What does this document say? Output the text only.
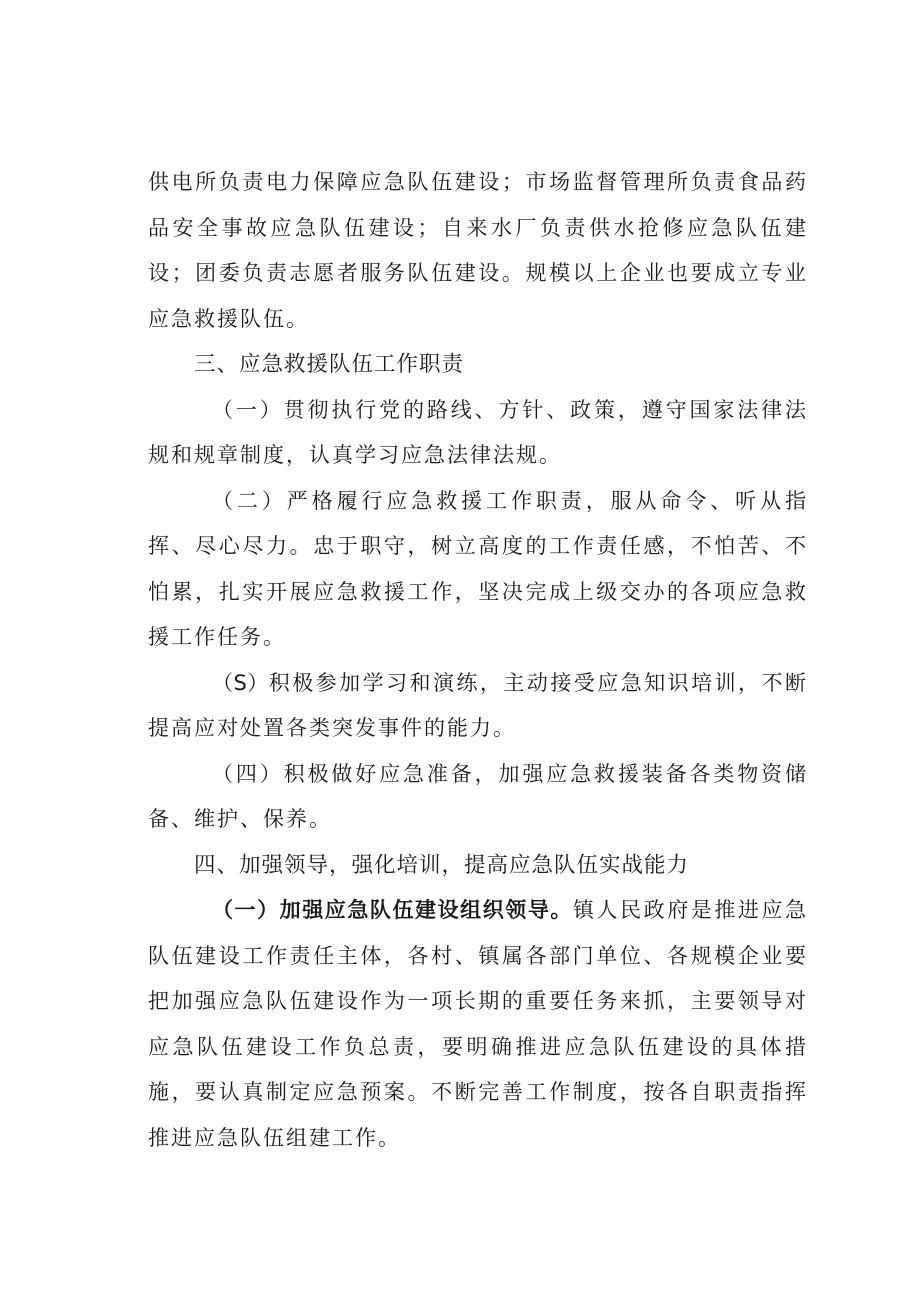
供电所负责电力保障应急队伍建设；市场监督管理所负责食品药品安全事故应急队伍建设；自来水厂负责供水抢修应急队伍建设；团委负责志愿者服务队伍建设。规模以上企业也要成立专业应急救援队伍。

三、应急救援队伍工作职责

（一）贯彻执行党的路线、方针、政策，遵守国家法律法规和规章制度，认真学习应急法律法规。

（二）严格履行应急救援工作职责，服从命令、听从指挥、尽心尽力。忠于职守，树立高度的工作责任感，不怕苦、不怕累，扎实开展应急救援工作，坚决完成上级交办的各项应急救援工作任务。

（S）积极参加学习和演练，主动接受应急知识培训，不断提高应对处置各类突发事件的能力。

（四）积极做好应急准备，加强应急救援装备各类物资储备、维护、保养。

四、加强领导，强化培训，提高应急队伍实战能力

（一）加强应急队伍建设组织领导。镇人民政府是推进应急队伍建设工作责任主体，各村、镇属各部门单位、各规模企业要把加强应急队伍建设作为一项长期的重要任务来抓，主要领导对应急队伍建设工作负总责，要明确推进应急队伍建设的具体措施，要认真制定应急预案。不断完善工作制度，按各自职责指挥推进应急队伍组建工作。
